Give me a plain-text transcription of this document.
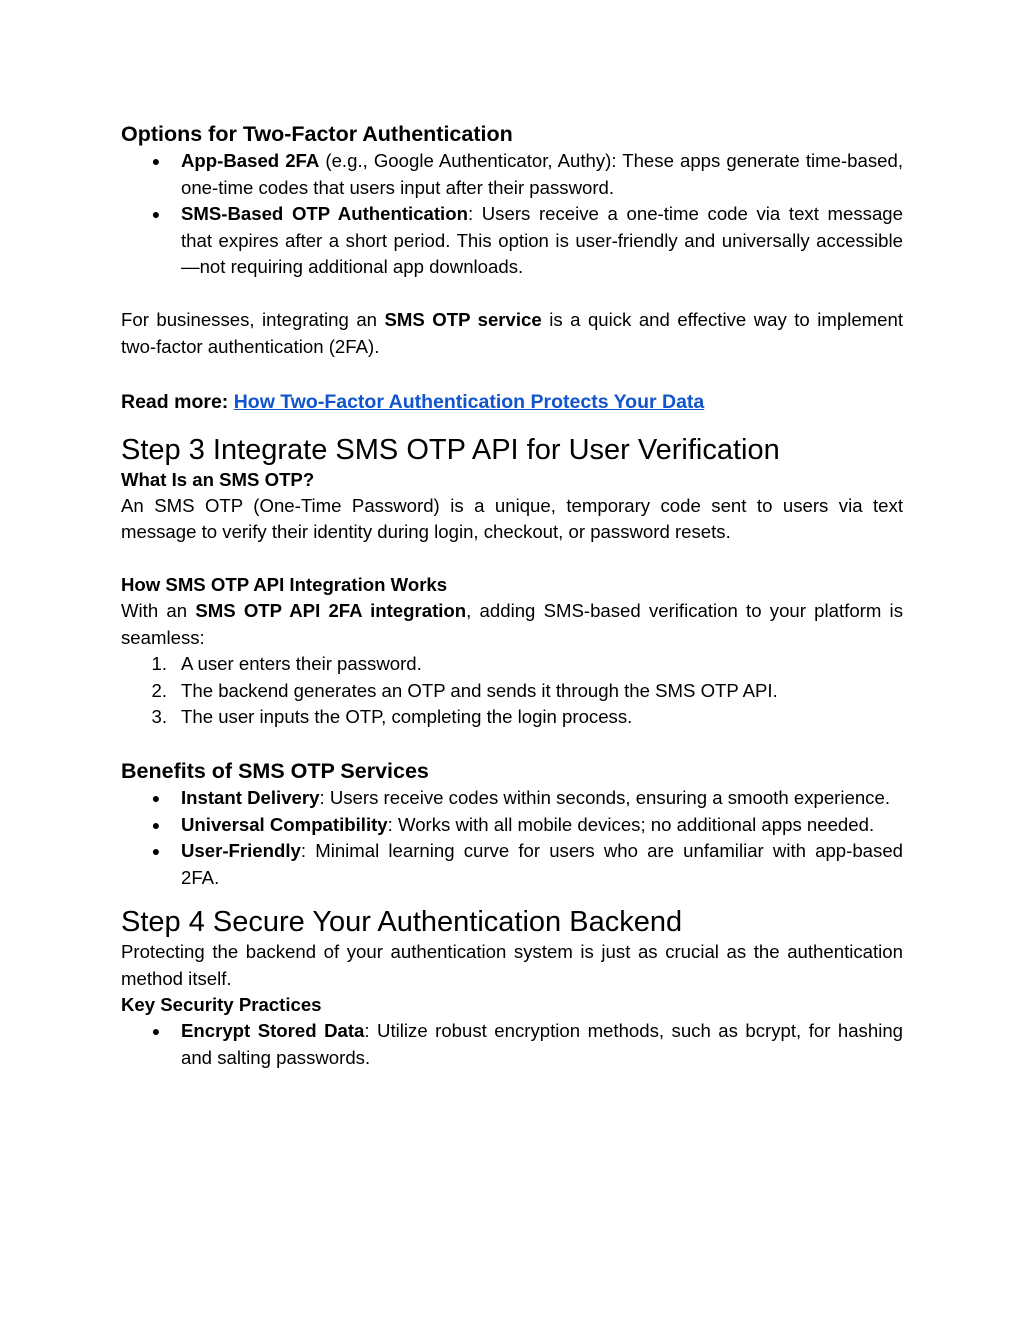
Options for Two-Factor Authentication

●	App-Based 2FA (e.g., Google Authenticator, Authy): These apps generate time-based, one-time codes that users input after their password.
●	SMS-Based OTP Authentication: Users receive a one-time code via text message that expires after a short period. This option is user-friendly and universally accessible—not requiring additional app downloads.

For businesses, integrating an SMS OTP service is a quick and effective way to implement two-factor authentication (2FA).

Read more: How Two-Factor Authentication Protects Your Data

Step 3 Integrate SMS OTP API for User Verification

What Is an SMS OTP?

An SMS OTP (One-Time Password) is a unique, temporary code sent to users via text message to verify their identity during login, checkout, or password resets.

How SMS OTP API Integration Works

With an SMS OTP API 2FA integration, adding SMS-based verification to your platform is seamless:

1. A user enters their password.
2. The backend generates an OTP and sends it through the SMS OTP API.
3. The user inputs the OTP, completing the login process.

Benefits of SMS OTP Services

●	Instant Delivery: Users receive codes within seconds, ensuring a smooth experience.
●	Universal Compatibility: Works with all mobile devices; no additional apps needed.
●	User-Friendly: Minimal learning curve for users who are unfamiliar with app-based 2FA.

Step 4 Secure Your Authentication Backend

Protecting the backend of your authentication system is just as crucial as the authentication method itself.

Key Security Practices

●	Encrypt Stored Data: Utilize robust encryption methods, such as bcrypt, for hashing and salting passwords.
